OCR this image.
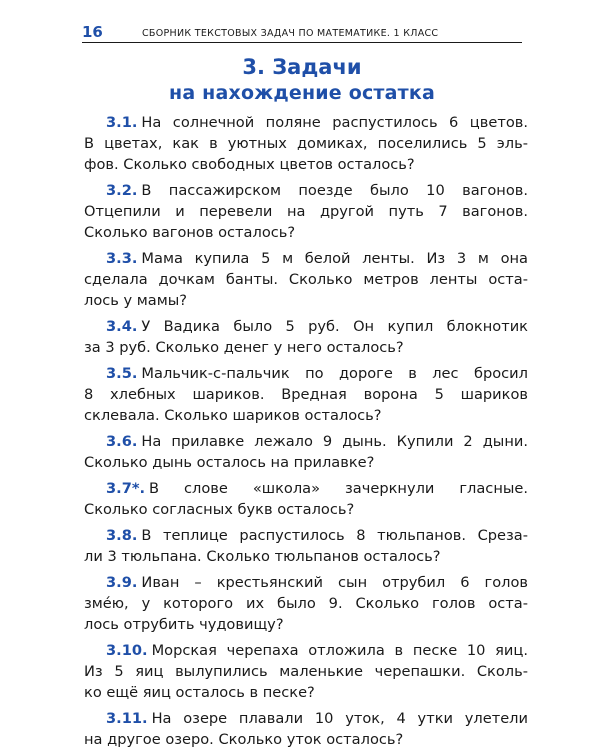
16	СБОРНИК ТЕКСТОВЫХ ЗАДАЧ ПО МАТЕМАТИКЕ. 1 КЛАСС
3. Задачи
на нахождение остатка
3.1. На солнечной поляне распустилось 6 цветов.
В цветах, как в уютных домиках, поселились 5 эль-
фов. Сколько свободных цветов осталось?
3.2. В пассажирском поезде было 10 вагонов.
Отцепили и перевели на другой путь 7 вагонов.
Сколько вагонов осталось?
3.3. Мама купила 5 м белой ленты. Из 3 м она
сделала дочкам банты. Сколько метров ленты оста-
лось у мамы?
3.4. У Вадика было 5 руб. Он купил блокнотик
за 3 руб. Сколько денег у него осталось?
3.5. Мальчик-с-пальчик по дороге в лес бросил
8 хлебных шариков. Вредная ворона 5 шариков
склевала. Сколько шариков осталось?
3.6. На прилавке лежало 9 дынь. Купили 2 дыни.
Сколько дынь осталось на прилавке?
3.7*. В слове «школа» зачеркнули гласные.
Сколько согласных букв осталось?
3.8. В теплице распустилось 8 тюльпанов. Среза-
ли 3 тюльпана. Сколько тюльпанов осталось?
3.9. Иван – крестьянский сын отрубил 6 голов
змéю, у которого их было 9. Сколько голов оста-
лось отрубить чудовищу?
3.10. Морская черепаха отложила в песке 10 яиц.
Из 5 яиц вылупились маленькие черепашки. Сколь-
ко ещё яиц осталось в песке?
3.11. На озере плавали 10 уток, 4 утки улетели
на другое озеро. Сколько уток осталось?
